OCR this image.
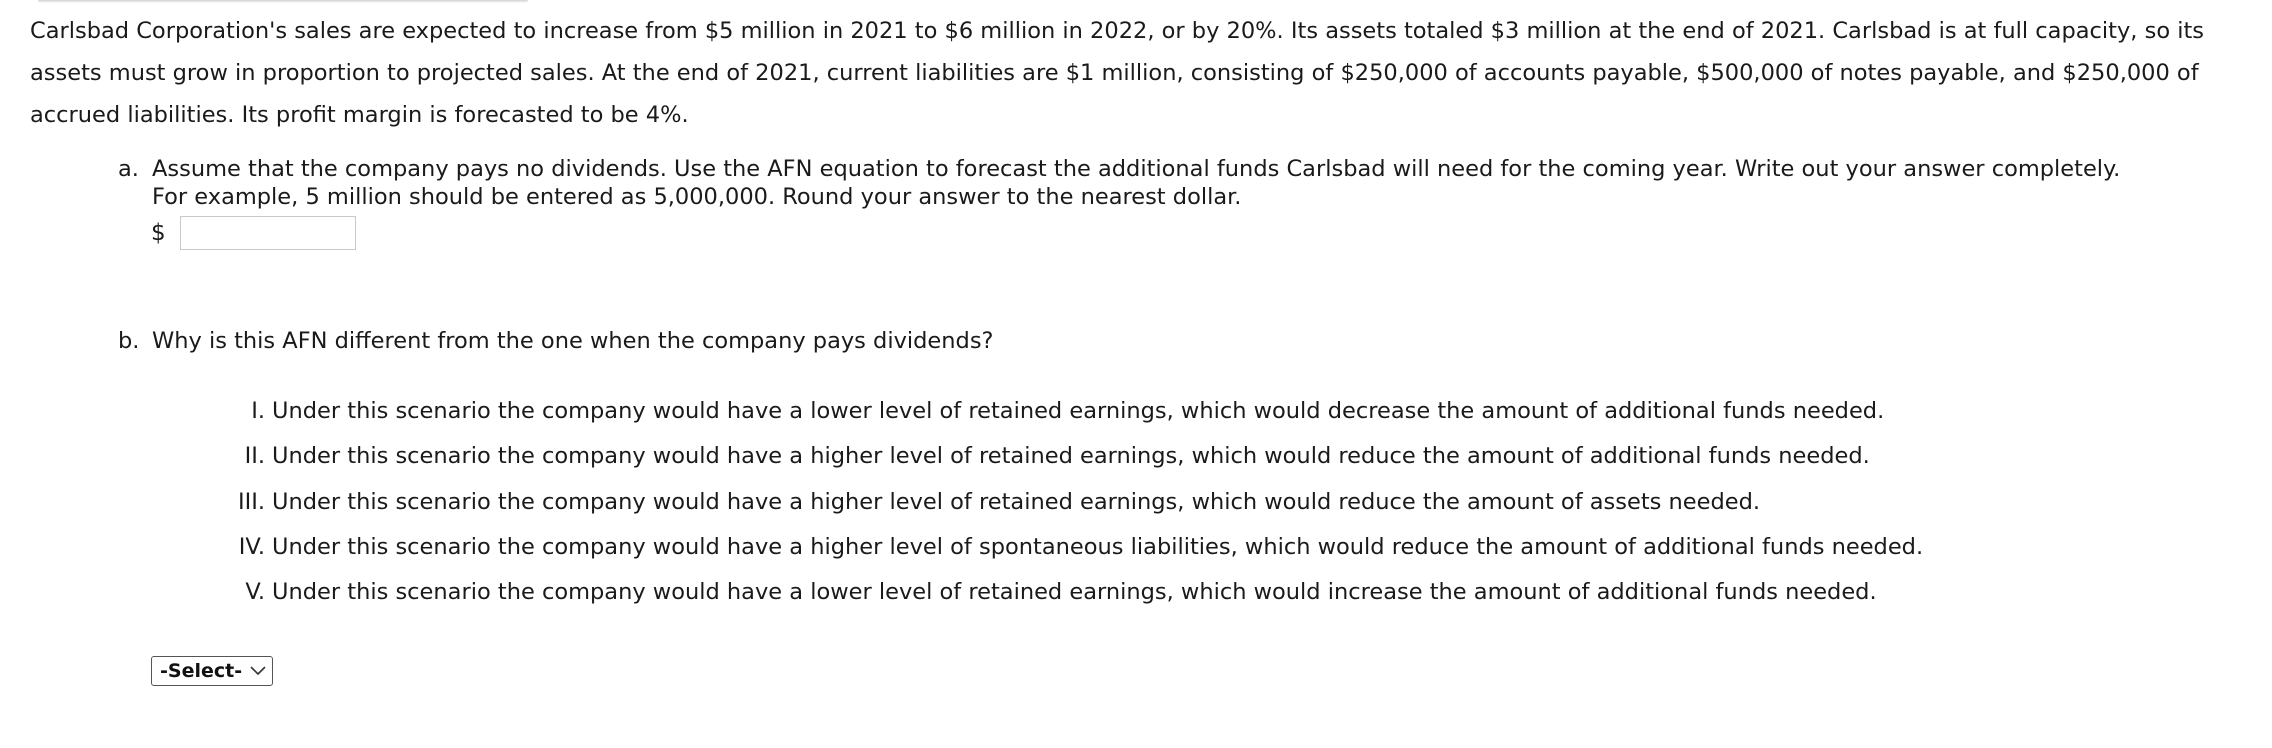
Carlsbad Corporation's sales are expected to increase from $5 million in 2021 to $6 million in 2022, or by 20%. Its assets totaled $3 million at the end of 2021. Carlsbad is at full capacity, so its assets must grow in proportion to projected sales. At the end of 2021, current liabilities are $1 million, consisting of $250,000 of accounts payable, $500,000 of notes payable, and $250,000 of accrued liabilities. Its profit margin is forecasted to be 4%.

a. Assume that the company pays no dividends. Use the AFN equation to forecast the additional funds Carlsbad will need for the coming year. Write out your answer completely. For example, 5 million should be entered as 5,000,000. Round your answer to the nearest dollar.
$
b. Why is this AFN different from the one when the company pays dividends?
I. Under this scenario the company would have a lower level of retained earnings, which would decrease the amount of additional funds needed.
II. Under this scenario the company would have a higher level of retained earnings, which would reduce the amount of additional funds needed.
III. Under this scenario the company would have a higher level of retained earnings, which would reduce the amount of assets needed.
IV. Under this scenario the company would have a higher level of spontaneous liabilities, which would reduce the amount of additional funds needed.
V. Under this scenario the company would have a lower level of retained earnings, which would increase the amount of additional funds needed.
-Select-
